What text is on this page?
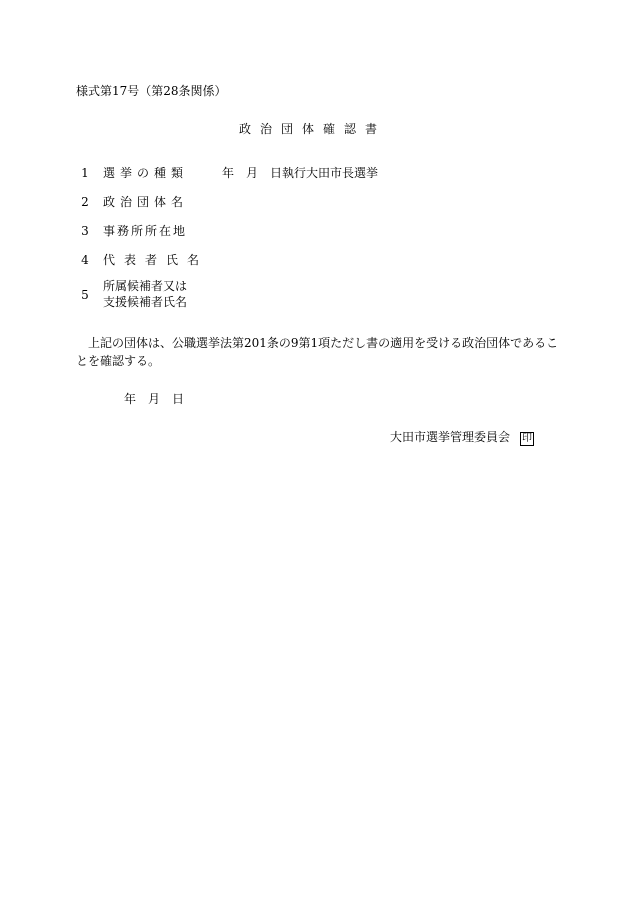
様式第17号（第28条関係）
政治団体確認書
1 選挙の種類	年　月　日執行大田市長選挙
2 政治団体名
3 事務所所在地
4 代表者氏名
5
所属候補者又は
支援候補者氏名
上記の団体は、公職選挙法第201条の9第1項ただし書の適用を受ける政治団体であることを確認する。
年　月　日
大田市選挙管理委員会 印
